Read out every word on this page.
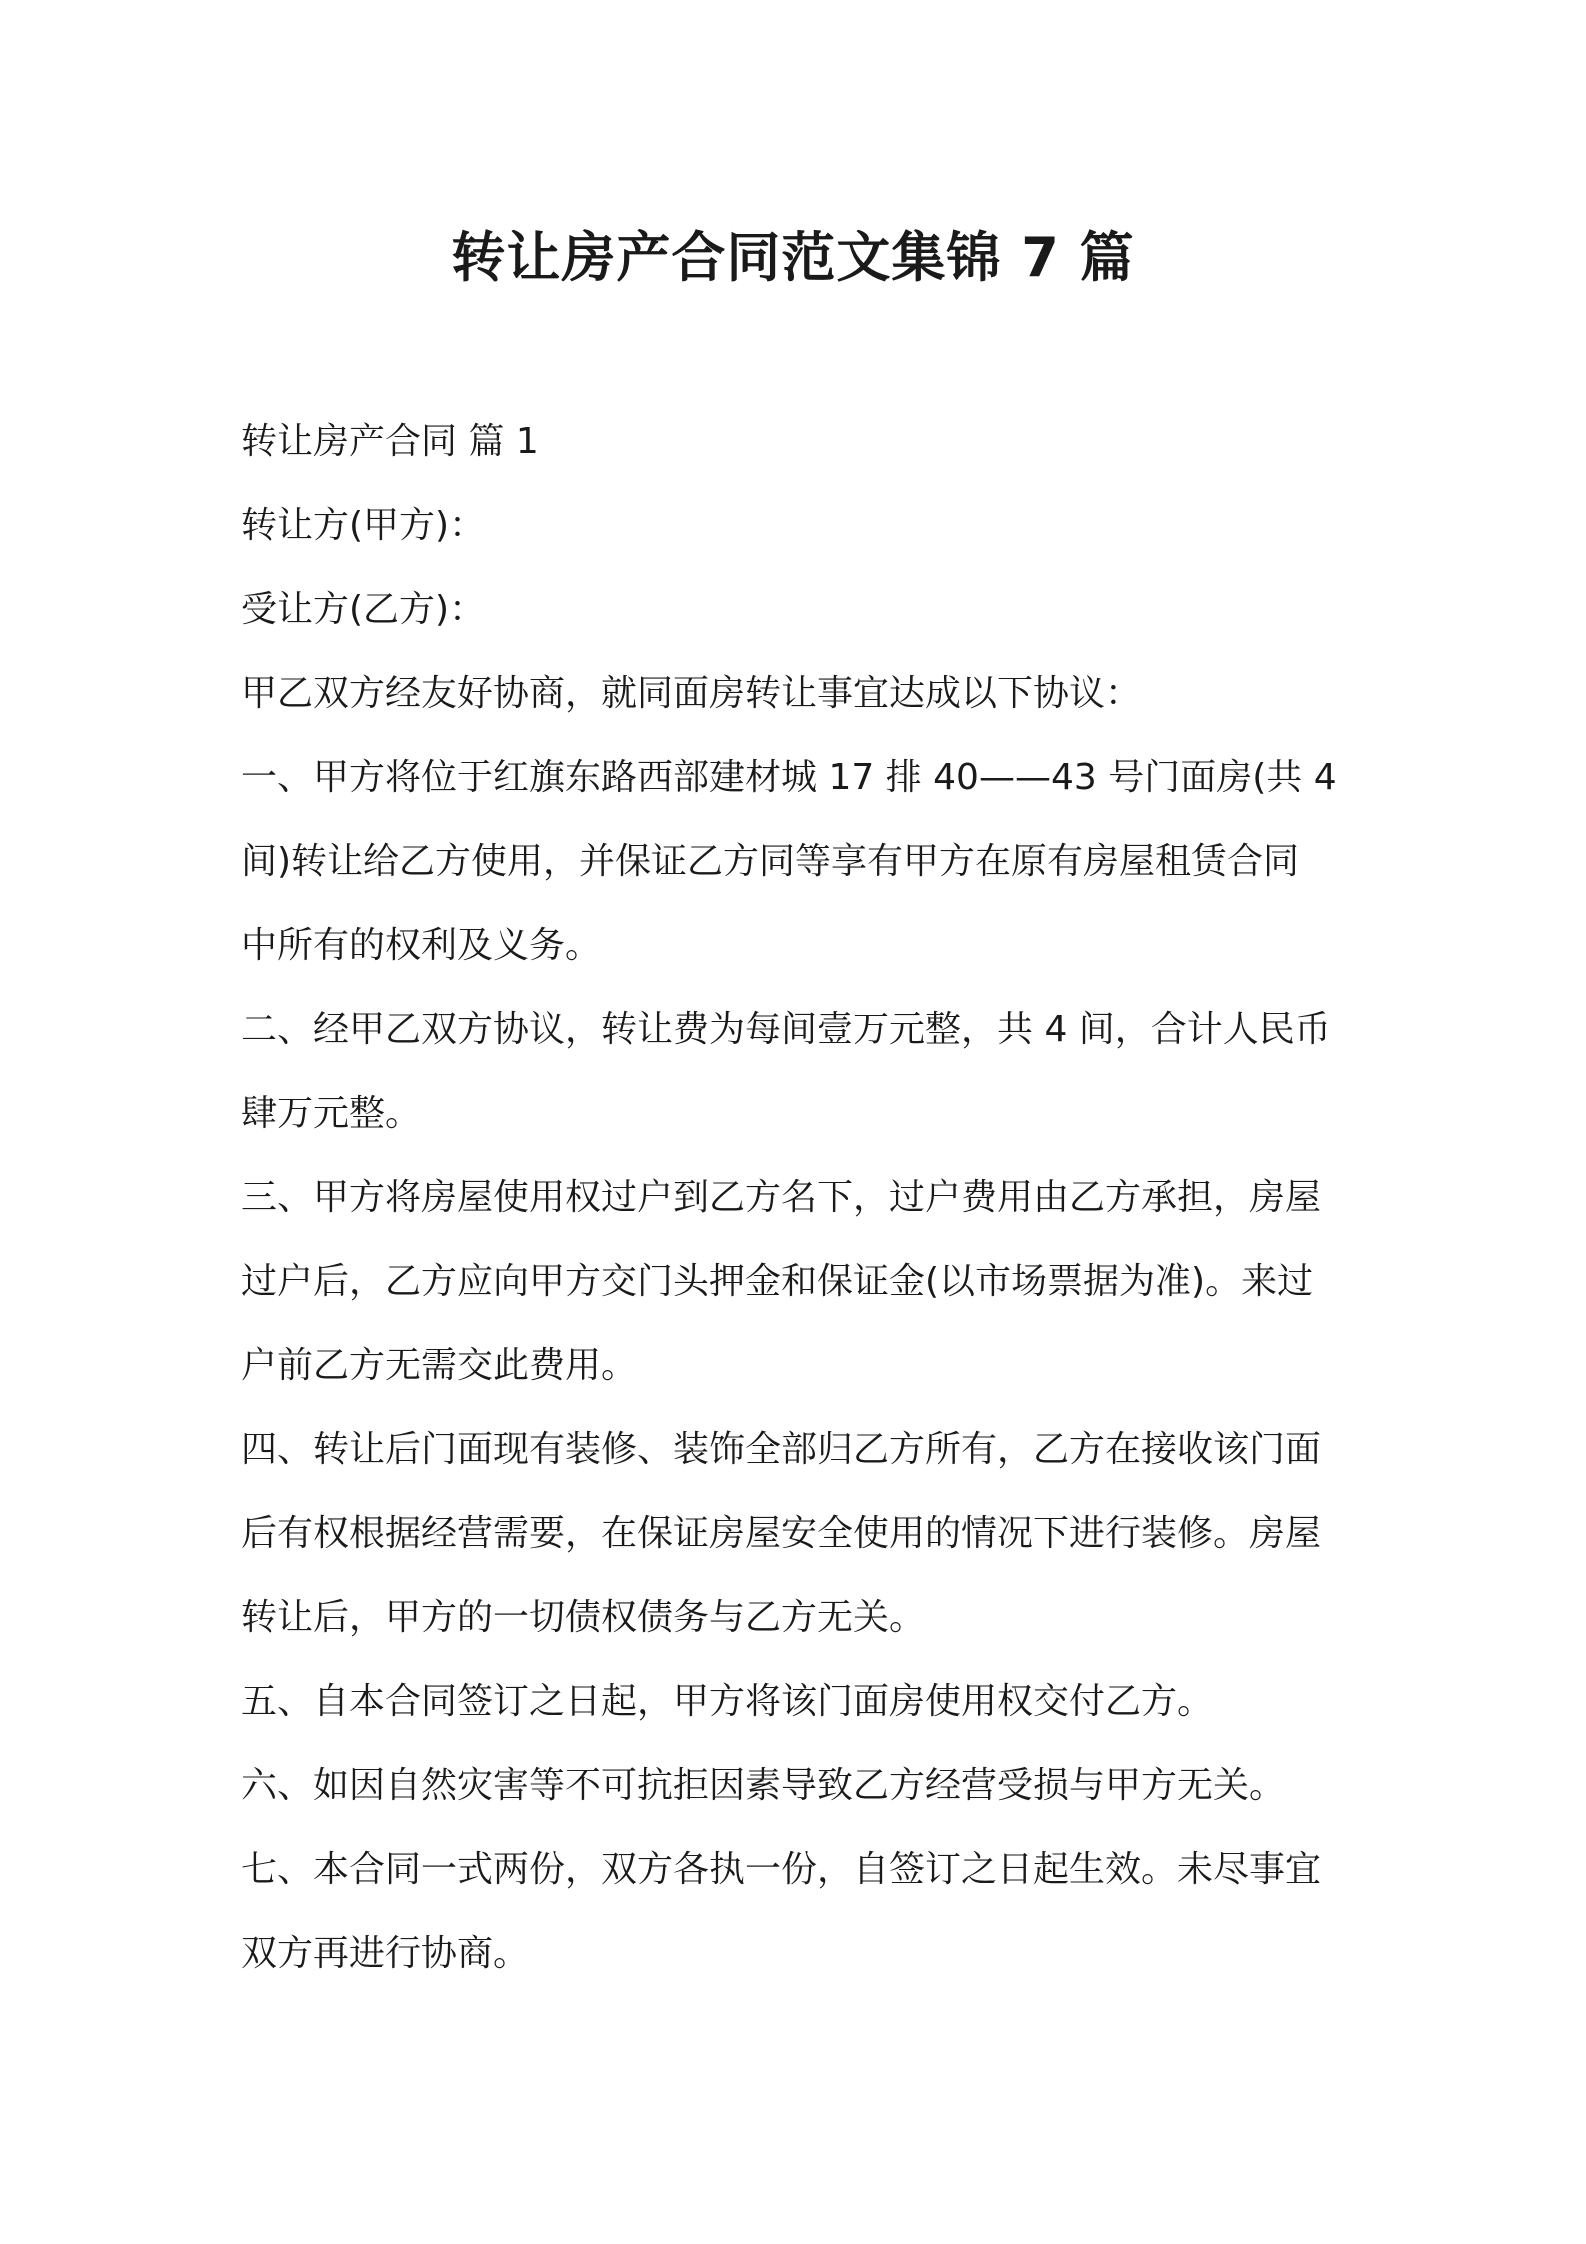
转让房产合同范文集锦 7 篇

转让房产合同 篇 1

转让方(甲方)：

受让方(乙方)：

甲乙双方经友好协商，就同面房转让事宜达成以下协议：

一、甲方将位于红旗东路西部建材城 17 排 40——43 号门面房(共 4

间)转让给乙方使用，并保证乙方同等享有甲方在原有房屋租赁合同

中所有的权利及义务。

二、经甲乙双方协议，转让费为每间壹万元整，共 4 间，合计人民币

肆万元整。

三、甲方将房屋使用权过户到乙方名下，过户费用由乙方承担，房屋

过户后，乙方应向甲方交门头押金和保证金(以市场票据为准)。来过

户前乙方无需交此费用。

四、转让后门面现有装修、装饰全部归乙方所有，乙方在接收该门面

后有权根据经营需要，在保证房屋安全使用的情况下进行装修。房屋

转让后，甲方的一切债权债务与乙方无关。

五、自本合同签订之日起，甲方将该门面房使用权交付乙方。

六、如因自然灾害等不可抗拒因素导致乙方经营受损与甲方无关。

七、本合同一式两份，双方各执一份，自签订之日起生效。未尽事宜

双方再进行协商。
